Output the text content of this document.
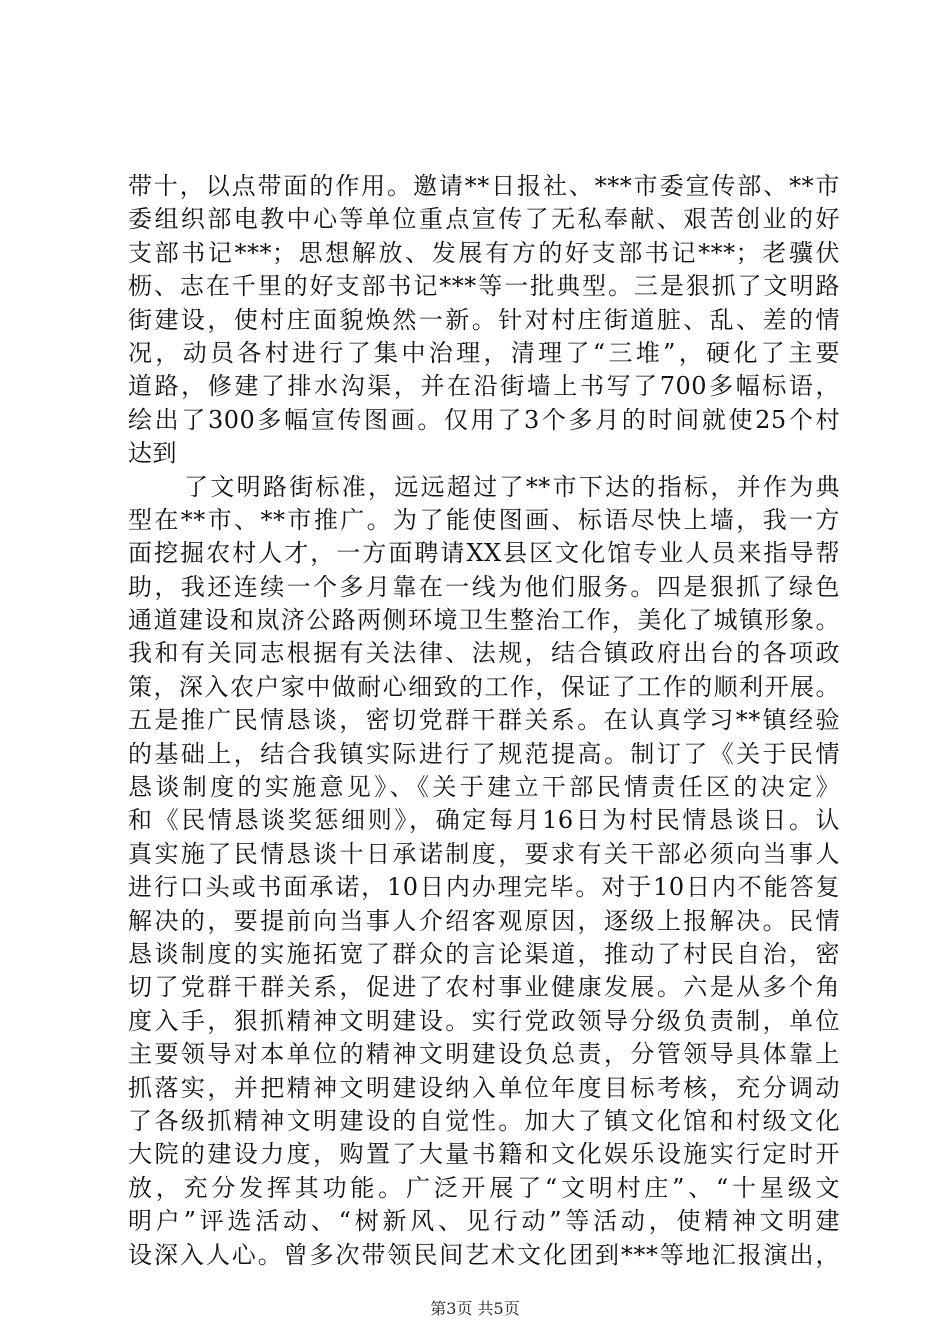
带十，以点带面的作用。邀请**日报社、***市委宣传部、**市
委组织部电教中心等单位重点宣传了无私奉献、艰苦创业的好
支部书记***；思想解放、发展有方的好支部书记***；老骥伏
枥、志在千里的好支部书记***等一批典型。三是狠抓了文明路
街建设，使村庄面貌焕然一新。针对村庄街道脏、乱、差的情
况，动员各村进行了集中治理，清理了“三堆”，硬化了主要
道路，修建了排水沟渠，并在沿街墙上书写了700多幅标语，
绘出了300多幅宣传图画。仅用了3个多月的时间就使25个村
达到
了文明路街标准，远远超过了**市下达的指标，并作为典
型在**市、**市推广。为了能使图画、标语尽快上墙，我一方
面挖掘农村人才，一方面聘请XX县区文化馆专业人员来指导帮
助，我还连续一个多月靠在一线为他们服务。四是狠抓了绿色
通道建设和岚济公路两侧环境卫生整治工作，美化了城镇形象。
我和有关同志根据有关法律、法规，结合镇政府出台的各项政
策，深入农户家中做耐心细致的工作，保证了工作的顺利开展。
五是推广民情恳谈，密切党群干群关系。在认真学习**镇经验
的基础上，结合我镇实际进行了规范提高。制订了《关于民情
恳谈制度的实施意见》、《关于建立干部民情责任区的决定》
和《民情恳谈奖惩细则》，确定每月16日为村民情恳谈日。认
真实施了民情恳谈十日承诺制度，要求有关干部必须向当事人
进行口头或书面承诺，10日内办理完毕。对于10日内不能答复
解决的，要提前向当事人介绍客观原因，逐级上报解决。民情
恳谈制度的实施拓宽了群众的言论渠道，推动了村民自治，密
切了党群干群关系，促进了农村事业健康发展。六是从多个角
度入手，狠抓精神文明建设。实行党政领导分级负责制，单位
主要领导对本单位的精神文明建设负总责，分管领导具体靠上
抓落实，并把精神文明建设纳入单位年度目标考核，充分调动
了各级抓精神文明建设的自觉性。加大了镇文化馆和村级文化
大院的建设力度，购置了大量书籍和文化娱乐设施实行定时开
放，充分发挥其功能。广泛开展了“文明村庄”、“十星级文
明户”评选活动、“树新风、见行动”等活动，使精神文明建
设深入人心。曾多次带领民间艺术文化团到***等地汇报演出，
第3页 共5页
